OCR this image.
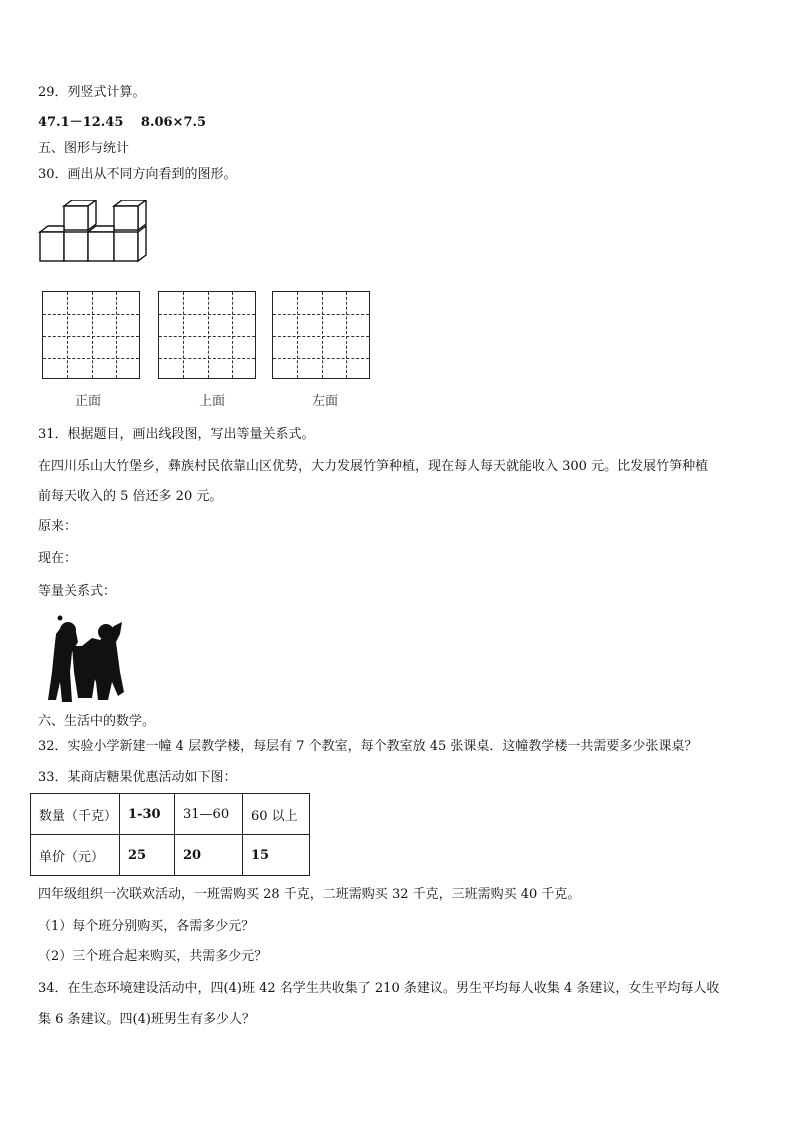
29．列竖式计算。
47.1－12.45　 8.06×7.5
五、图形与统计
30．画出从不同方向看到的图形。
正面	上面	左面
31．根据题目，画出线段图，写出等量关系式。
在四川乐山大竹堡乡，彝族村民依靠山区优势，大力发展竹笋种植，现在每人每天就能收入 300 元。比发展竹笋种植
前每天收入的 5 倍还多 20 元。
原来：
现在：
等量关系式：
六、生活中的数学。
32．实验小学新建一幢 4 层教学楼，每层有 7 个教室，每个教室放 45 张课桌．这幢教学楼一共需要多少张课桌？
33．某商店糖果优惠活动如下图：
数量（千克）	1-30	31—60	60 以上
单价（元）	25	20	15
四年级组织一次联欢活动，一班需购买 28 千克，二班需购买 32 千克，三班需购买 40 千克。
（1）每个班分别购买，各需多少元？
（2）三个班合起来购买，共需多少元？
34．在生态环境建设活动中，四(4)班 42 名学生共收集了 210 条建议。男生平均每人收集 4 条建议，女生平均每人收
集 6 条建议。四(4)班男生有多少人？
